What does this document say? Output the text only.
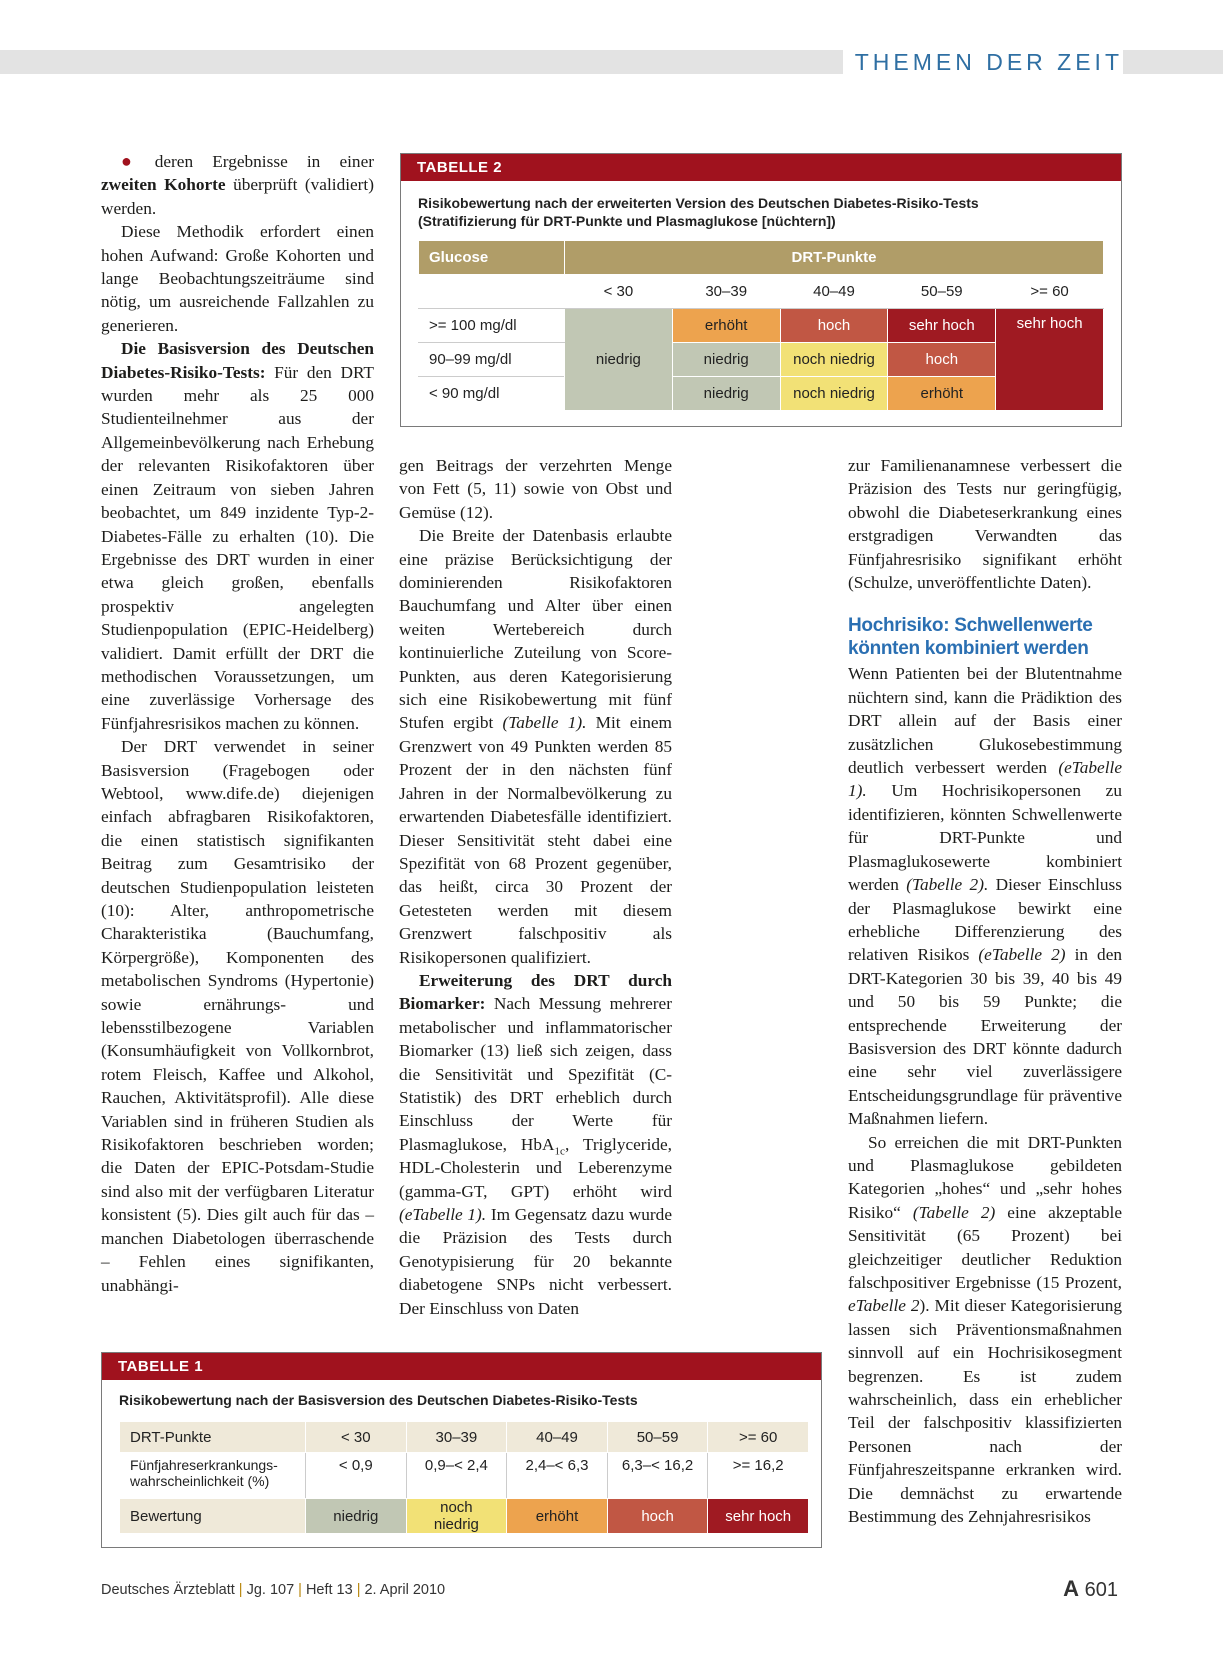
THEMEN DER ZEIT
TABELLE 2
Risikobewertung nach der erweiterten Version des Deutschen Diabetes-Risiko-Tests (Stratifizierung für DRT-Punkte und Plasmaglukose [nüchtern])
Glucose	DRT-Punkte				
	< 30	30–39	40–49	50–59	>= 60
>= 100 mg/dl	niedrig	erhöht	hoch	sehr hoch	sehr hoch
90–99 mg/dl		niedrig	noch niedrig	hoch	
< 90 mg/dl		niedrig	noch niedrig	erhöht	

● deren Ergebnisse in einer zweiten Kohorte überprüft (validiert) werden.

Diese Methodik erfordert einen hohen Aufwand: Große Kohorten und lange Beobachtungszeiträume sind nötig, um ausreichende Fallzahlen zu generieren.

Die Basisversion des Deutschen Diabetes-Risiko-Tests: Für den DRT wurden mehr als 25 000 Studienteilnehmer aus der Allgemeinbevölkerung nach Erhebung der relevanten Risikofaktoren über einen Zeitraum von sieben Jahren beobachtet, um 849 inzidente Typ-2-Diabetes-Fälle zu erhalten (10). Die Ergebnisse des DRT wurden in einer etwa gleich großen, ebenfalls prospektiv angelegten Studienpopulation (EPIC-Heidelberg) validiert. Damit erfüllt der DRT die methodischen Voraussetzungen, um eine zuverlässige Vorhersage des Fünfjahresrisikos machen zu können.

Der DRT verwendet in seiner Basisversion (Fragebogen oder Webtool, www.dife.de) diejenigen einfach abfragbaren Risikofaktoren, die einen statistisch signifikanten Beitrag zum Gesamtrisiko der deutschen Studienpopulation leisteten (10): Alter, anthropometrische Charakteristika (Bauchumfang, Körpergröße), Komponenten des metabolischen Syndroms (Hypertonie) sowie ernährungs- und lebensstilbezogene Variablen (Konsumhäufigkeit von Vollkornbrot, rotem Fleisch, Kaffee und Alkohol, Rauchen, Aktivitätsprofil). Alle diese Variablen sind in früheren Studien als Risikofaktoren beschrieben worden; die Daten der EPIC-Potsdam-Studie sind also mit der verfügbaren Literatur konsistent (5). Dies gilt auch für das – manchen Diabetologen überraschende – Fehlen eines signifikanten, unabhängi-

gen Beitrags der verzehrten Menge von Fett (5, 11) sowie von Obst und Gemüse (12).

Die Breite der Datenbasis erlaubte eine präzise Berücksichtigung der dominierenden Risikofaktoren Bauchumfang und Alter über einen weiten Wertebereich durch kontinuierliche Zuteilung von Score-Punkten, aus deren Kategorisierung sich eine Risikobewertung mit fünf Stufen ergibt (Tabelle 1). Mit einem Grenzwert von 49 Punkten werden 85 Prozent der in den nächsten fünf Jahren in der Normalbevölkerung zu erwartenden Diabetesfälle identifiziert. Dieser Sensitivität steht dabei eine Spezifität von 68 Prozent gegenüber, das heißt, circa 30 Prozent der Getesteten werden mit diesem Grenzwert falschpositiv als Risikopersonen qualifiziert.

Erweiterung des DRT durch Biomarker: Nach Messung mehrerer metabolischer und inflammatorischer Biomarker (13) ließ sich zeigen, dass die Sensitivität und Spezifität (C-Statistik) des DRT erheblich durch Einschluss der Werte für Plasmaglukose, HbA$_{1c}$, Triglyceride, HDL-Cholesterin und Leberenzyme (gamma-GT, GPT) erhöht wird (eTabelle 1). Im Gegensatz dazu wurde die Präzision des Tests durch Genotypisierung für 20 bekannte diabetogene SNPs nicht verbessert. Der Einschluss von Daten

zur Familienanamnese verbessert die Präzision des Tests nur geringfügig, obwohl die Diabeteserkrankung eines erstgradigen Verwandten das Fünfjahresrisiko signifikant erhöht (Schulze, unveröffentlichte Daten).

Hochrisiko: Schwellenwerte könnten kombiniert werden

Wenn Patienten bei der Blutentnahme nüchtern sind, kann die Prädiktion des DRT allein auf der Basis einer zusätzlichen Glukosebestimmung deutlich verbessert werden (eTabelle 1). Um Hochrisikopersonen zu identifizieren, könnten Schwellenwerte für DRT-Punkte und Plasmaglukosewerte kombiniert werden (Tabelle 2). Dieser Einschluss der Plasmaglukose bewirkt eine erhebliche Differenzierung des relativen Risikos (eTabelle 2) in den DRT-Kategorien 30 bis 39, 40 bis 49 und 50 bis 59 Punkte; die entsprechende Erweiterung der Basisversion des DRT könnte dadurch eine sehr viel zuverlässigere Entscheidungsgrundlage für präventive Maßnahmen liefern.

So erreichen die mit DRT-Punkten und Plasmaglukose gebildeten Kategorien „hohes“ und „sehr hohes Risiko“ (Tabelle 2) eine akzeptable Sensitivität (65 Prozent) bei gleichzeitiger deutlicher Reduktion falschpositiver Ergebnisse (15 Prozent, eTabelle 2). Mit dieser Kategorisierung lassen sich Präventionsmaßnahmen sinnvoll auf ein Hochrisikosegment begrenzen. Es ist zudem wahrscheinlich, dass ein erheblicher Teil der falschpositiv klassifizierten Personen nach der Fünfjahreszeitspanne erkranken wird. Die demnächst zu erwartende Bestimmung des Zehnjahresrisikos

TABELLE 1
Risikobewertung nach der Basisversion des Deutschen Diabetes-Risiko-Tests
DRT-Punkte	< 30	30–39	40–49	50–59	>= 60
Fünfjahreserkrankungs-wahrscheinlichkeit (%)	< 0,9	0,9–< 2,4	2,4–< 6,3	6,3–< 16,2	>= 16,2
Bewertung	niedrig	noch niedrig	erhöht	hoch	sehr hoch
Deutsches Ärzteblatt | Jg. 107 | Heft 13 | 2. April 2010	A 601
